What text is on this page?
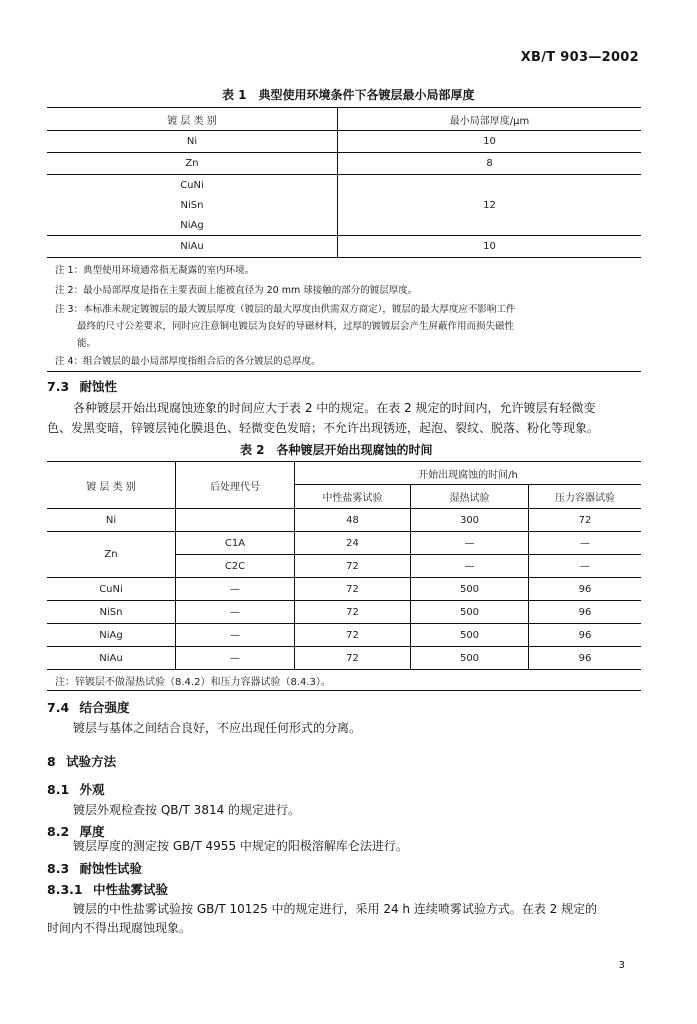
XB/T 903—2002
表 1　典型使用环境条件下各镀层最小局部厚度
镀 层 类 别	最小局部厚度/μm
Ni	10
Zn	8

CuNi
NiSn
NiAg	12
NiAu	10
注 1：典型使用环境通常指无凝露的室内环境。
注 2：最小局部厚度是指在主要表面上能被直径为 20 mm 球接触的部分的镀层厚度。
注 3：本标准未规定镀镀层的最大镀层厚度（镀层的最大厚度由供需双方商定），镀层的最大厚度应不影响工件
最终的尺寸公差要求，同时应注意铜电镀层为良好的导磁材料，过厚的镀镀层会产生屏蔽作用而损失磁性
能。
注 4：组合镀层的最小局部厚度指组合后的各分镀层的总厚度。
7.3 耐蚀性
各种镀层开始出现腐蚀迹象的时间应大于表 2 中的规定。在表 2 规定的时间内，允许镀层有轻微变
色、发黑变暗，锌镀层钝化膜退色、轻微变色发暗；不允许出现锈迹，起泡、裂纹、脱落、粉化等现象。
表 2　各种镀层开始出现腐蚀的时间
镀 层 类 别	后处理代号	开始出现腐蚀的时间/h		
		中性盐雾试验	湿热试验	压力容器试验
Ni		48	300	72
Zn	C1A	24	—	—
	C2C	72	—	—
CuNi	—	72	500	96
NiSn	—	72	500	96
NiAg	—	72	500	96
NiAu	—	72	500	96
注：锌镀层不做湿热试验（8.4.2）和压力容器试验（8.4.3）。				
7.4 结合强度
镀层与基体之间结合良好，不应出现任何形式的分离。
8 试验方法
8.1 外观
镀层外观检查按 QB/T 3814 的规定进行。
8.2 厚度
镀层厚度的测定按 GB/T 4955 中规定的阳极溶解库仑法进行。
8.3 耐蚀性试验
8.3.1 中性盐雾试验
镀层的中性盐雾试验按 GB/T 10125 中的规定进行，采用 24 h 连续喷雾试验方式。在表 2 规定的
时间内不得出现腐蚀现象。
3
